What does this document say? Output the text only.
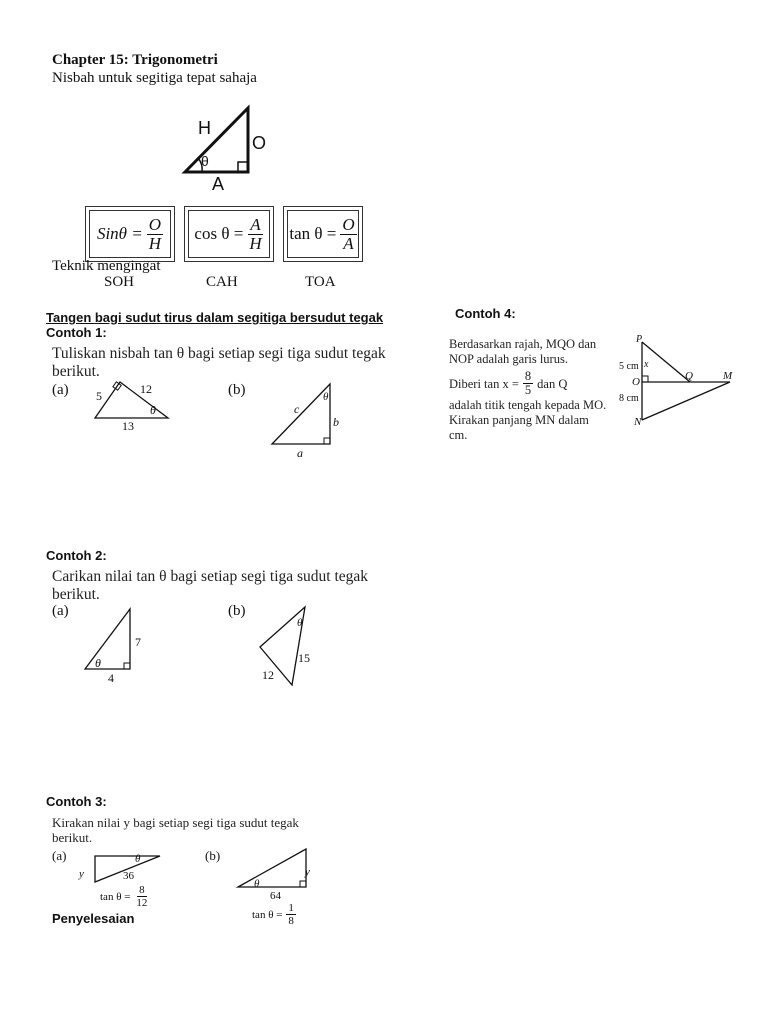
Chapter 15: Trigonometri
Nisbah untuk segitiga tepat sahaja
H
O
A
θ
$Sin\theta = \frac{O}{H}$ $\cos \theta = \frac{A}{H}$ $\tan \theta = \frac{O}{A}$
Teknik mengingat
SOH	CAH	TOA
Tangen bagi sudut tirus dalam segitiga bersudut tegak
Contoh 1:
Tuliskan nisbah tan θ bagi setiap segi tiga sudut tegak berikut.
(a)	(b)
5	12
13
θ	c
b
a
θ
Contoh 2:
Carikan nilai tan θ bagi setiap segi tiga sudut tegak berikut.
(a)	(b)
7
4
θ	15
12
θ
Contoh 3:
Kirakan nilai y bagi setiap segi tiga sudut tegak berikut.
(a)	(b)
y	36
θ
$\tan \theta = \frac{8}{12}$
y
64
θ
$\tan \theta = \frac{1}{8}$
Penyelesaian
Contoh 4:
Berdasarkan rajah, MQO dan NOP adalah garis lurus.
Diberi $\tan x = \frac{8}{5}$ dan Q
adalah titik tengah kepada MO. Kirakan panjang MN dalam cm.
P
O	Q	M
N
5 cm
8 cm
x
